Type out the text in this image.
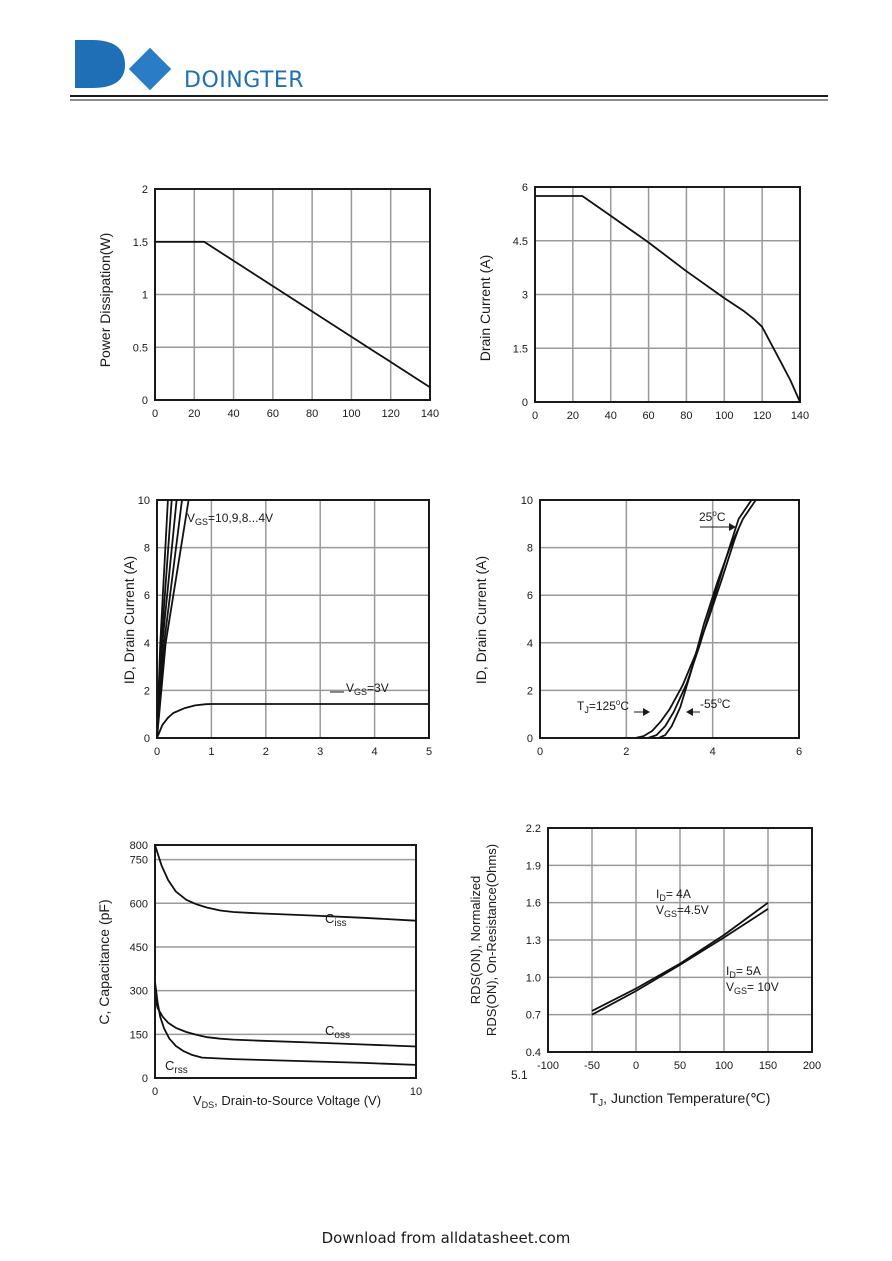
DOINGTER
0	20 40 60 80 100 120 140
0
0.5
1
1.5
2
Power Dissipation(W)
0	20 40 60 80 100 120 140
0
1.5
3
4.5
6
Drain Current (A)
0	1	2	3	4	5
0
2
4
6
8
10
ID, Drain Current (A)
$V_{GS}=10,9,8...4V$
$V_{GS}=3V$
0	2	4	6
0
2
4
6
8
10
ID, Drain Current (A)
25$^o$C
$T_J=125^oC$	-55$^o$C
0	10
0
150
300
450
600
750
800
C, Capacitance (pF)
$V_{DS}$, Drain-to-Source Voltage (V)
$C_{iss}$
$C_{oss}$
$C_{rss}$	-100 -50	0	50	100 150 200
0.4
0.7
1.0
1.3
1.6
1.9
2.2
RDS(ON), Normalized RDS(ON), On-Resistance(Ohms)
5.1
$T_J$, Junction Temperature(℃)
$I_D= 4A$
$V_{GS}=4.5V$
$I_D= 5A$
$V_{GS}= 10V$
Download from alldatasheet.com
